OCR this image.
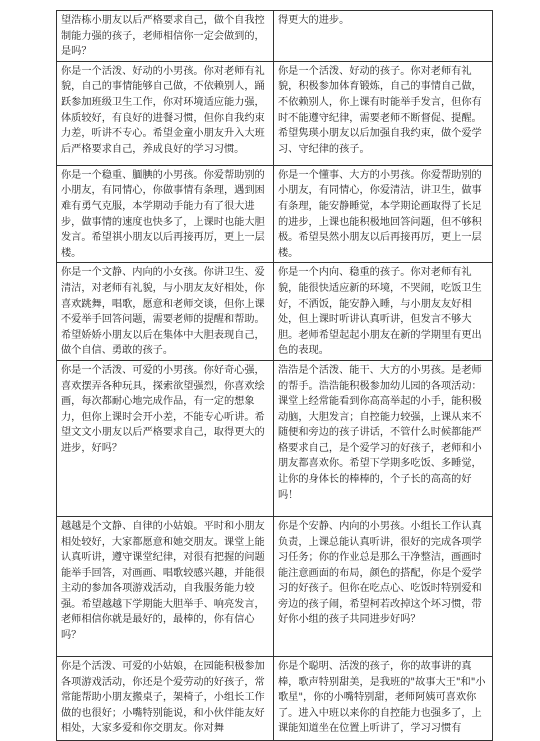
望浩栋小朋友以后严格要求自己，做个自我控制能力强的孩子，老师相信你一定会做到的，是吗？	得更大的进步。
你是一个活泼、好动的小男孩。你对老师有礼貌，自己的事情能够自己做，不依赖别人，踊跃参加班级卫生工作，你对环境适应能力强，体质较好，有良好的进餐习惯，但你自我约束力差，听讲不专心。希望金童小朋友升入大班后严格要求自己，养成良好的学习习惯。	你是一个活泼、好动的孩子。你对老师有礼貌，积极参加体育锻炼，自己的事情自己做，不依赖别人，你上课有时能举手发言，但你有时不能遵守纪律，需要老师不断督促、提醒。希望隽瑛小朋友以后加强自我约束，做个爱学习、守纪律的孩子。
你是一个稳重、腼腆的小男孩。你爱帮助别的小朋友，有同情心，你做事情有条理，遇到困难有勇气克服，本学期动手能力有了很大进步，做事情的速度也快多了，上课时也能大胆发言。希望祺小朋友以后再接再厉，更上一层楼。	你是一个懂事、大方的小男孩。你爱帮助别的小朋友，有同情心，你爱清洁，讲卫生，做事有条理，能安静睡觉，本学期论画取得了长足的进步，上课也能积极地回答问题，但不够积极。希望昊然小朋友以后再接再厉，更上一层楼。
你是一个文静、内向的小女孩。你讲卫生、爱清洁，对老师有礼貌，与小朋友友好相处，你喜欢跳舞，唱歌，愿意和老师交谈，但你上课不爱举手回答问题，需要老师的提醒和帮助。希望娇娇小朋友以后在集体中大胆表现自己，做个自信、勇敢的孩子。	你是一个内向、稳重的孩子。你对老师有礼貌，能很快适应新的环境，不哭闹，吃饭卫生好，不洒饭，能安静入睡，与小朋友友好相处，但上课时听讲认真听讲，但发言不够大胆。老师希望起起小朋友在新的学期里有更出色的表现。
你是一个活泼、可爱的小男孩。你好奇心强，喜欢摆弄各种玩具，探索欲望强烈，你喜欢绘画，每次都耐心地完成作品，有一定的想象力，但你上课时会开小差，不能专心听讲。希望文文小朋友以后严格要求自己，取得更大的进步，好吗？	浩浩是个活泼、能干、大方的小男孩。是老师的帮手。浩浩能积极参加幼儿园的各项活动：课堂上经常能看到你高高举起的小手，能积极动脑，大胆发言；自控能力较强，上课从来不随便和旁边的孩子讲话，不管什么时候都能严格要求自己，是个爱学习的好孩子，老师和小朋友都喜欢你。希望下学期多吃饭、多睡觉，让你的身体长的棒棒的，个子长的高高的好吗！
越越是个文静、自律的小姑娘。平时和小朋友相处较好，大家都愿意和她交朋友。课堂上能认真听讲，遵守课堂纪律，对很有把握的问题能举手回答，对画画、唱歌较感兴趣，并能很主动的参加各项游戏活动，自我服务能力较强。希望越越下学期能大胆举手、响亮发言，老师相信你就是最好的，最棒的，你有信心吗？	你是个安静、内向的小男孩。小组长工作认真负责，上课总能认真听讲，很好的完成各项学习任务；你的作业总是那么干净整洁，画画时能注意画面的布局，颜色的搭配，你是个爱学习的好孩子。但你在吃点心、吃饭时特别爱和旁边的孩子闹，希望柯若改掉这个坏习惯，带好你小组的孩子共同进步好吗？
你是个活泼、可爱的小姑娘，在园能积极参加各项游戏活动，你还是个爱劳动的好孩子，常常能帮助小朋友搬桌子，架椅子，小组长工作做的也很好；小嘴特别能说，和小伙伴能友好相处，大家多爱和你交朋友。你对舞	你是个聪明、活泼的孩子，你的故事讲的真棒，歌声特别甜美，是我班的"故事大王"和"小歌星"，你的小嘴特别甜，老师阿姨可喜欢你了。进入中班以来你的自控能力也强多了，上课能知道坐在位置上听讲了，学习习惯有
